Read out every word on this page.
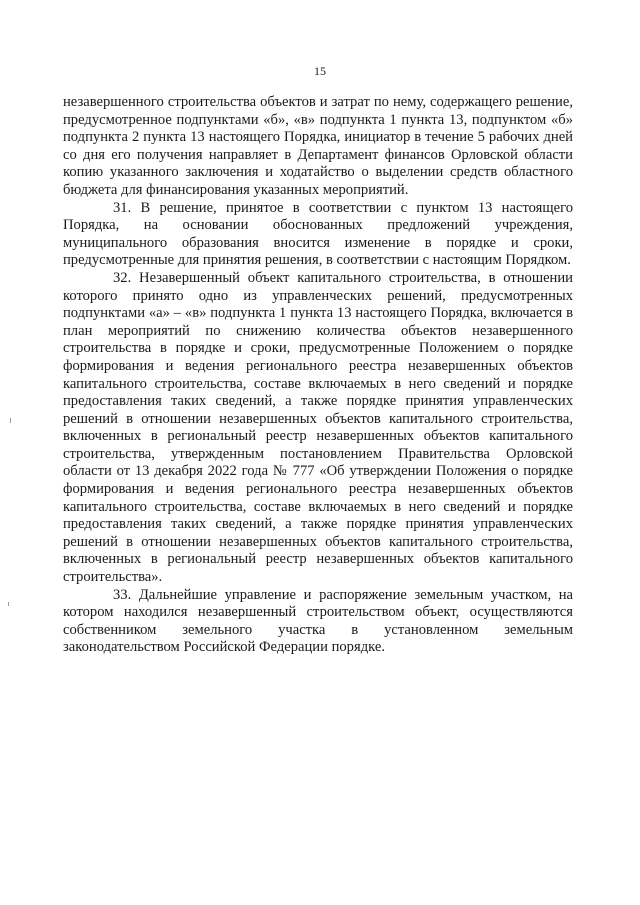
15

незавершенного строительства объектов и затрат по нему, содержащего решение, предусмотренное подпунктами «б», «в» подпункта 1 пункта 13, подпунктом «б» подпункта 2 пункта 13 настоящего Порядка, инициатор в течение 5 рабочих дней со дня его получения направляет в Департамент финансов Орловской области копию указанного заключения и ходатайство о выделении средств областного бюджета для финансирования указанных мероприятий.

31. В решение, принятое в соответствии с пунктом 13 настоящего Порядка, на основании обоснованных предложений учреждения, муниципального образования вносится изменение в порядке и сроки, предусмотренные для принятия решения, в соответствии с настоящим Порядком.

32. Незавершенный объект капитального строительства, в отношении которого принято одно из управленческих решений, предусмотренных подпунктами «а» – «в» подпункта 1 пункта 13 настоящего Порядка, включается в план мероприятий по снижению количества объектов незавершенного строительства в порядке и сроки, предусмотренные Положением о порядке формирования и ведения регионального реестра незавершенных объектов капитального строительства, составе включаемых в него сведений и порядке предоставления таких сведений, а также порядке принятия управленческих решений в отношении незавершенных объектов капитального строительства, включенных в региональный реестр незавершенных объектов капитального строительства, утвержденным постановлением Правительства Орловской области от 13 декабря 2022 года № 777 «Об утверждении Положения о порядке формирования и ведения регионального реестра незавершенных объектов капитального строительства, составе включаемых в него сведений и порядке предоставления таких сведений, а также порядке принятия управленческих решений в отношении незавершенных объектов капитального строительства, включенных в региональный реестр незавершенных объектов капитального строительства».

33. Дальнейшие управление и распоряжение земельным участком, на котором находился незавершенный строительством объект, осуществляются собственником земельного участка в установленном земельным законодательством Российской Федерации порядке.
